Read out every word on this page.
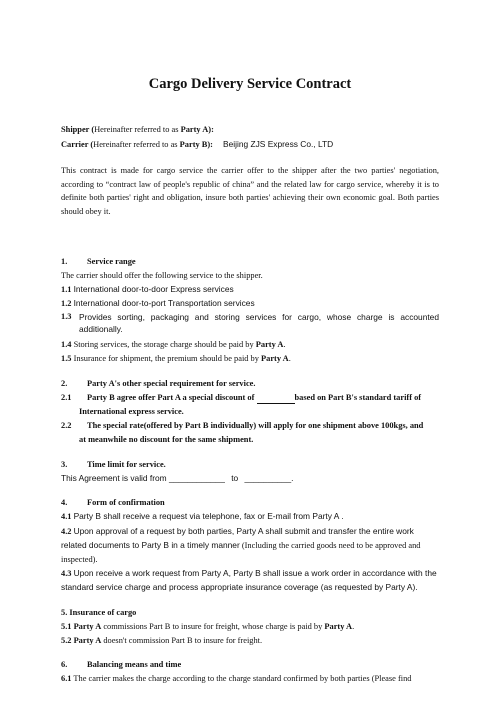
Cargo Delivery Service Contract
Shipper (Hereinafter referred to as Party A):
Carrier (Hereinafter referred to as Party B): Beijing ZJS Express Co., LTD
This contract is made for cargo service the carrier offer to the shipper after the two parties' negotiation, according to “contract law of people's republic of china” and the related law for cargo service, whereby it is to definite both parties' right and obligation, insure both parties' achieving their own economic goal. Both parties should obey it.
1. Service range
The carrier should offer the following service to the shipper.
1.1 International door-to-door Express services
1.2 International door-to-port Transportation services
1.3 Provides sorting, packaging and storing services for cargo, whose charge is accounted additionally.
1.4 Storing services, the storage charge should be paid by Party A.
1.5 Insurance for shipment, the premium should be paid by Party A.
2. Party A's other special requirement for service.
2.1 Party B agree offer Part A a special discount of	based on Part B's standard tariff of
International express service.
2.2 The special rate(offered by Part B individually) will apply for one shipment above 100kgs, and
at meanwhile no discount for the same shipment.
3. Time limit for service.
This Agreement is valid from ____________ to __________.
4. Form of confirmation
4.1 Party B shall receive a request via telephone, fax or E-mail from Party A .
4.2 Upon approval of a request by both parties, Party A shall submit and transfer the entire work
related documents to Party B in a timely manner (Including the carried goods need to be approved and
inspected).
4.3 Upon receive a work request from Party A, Party B shall issue a work order in accordance with the
standard service charge and process appropriate insurance coverage (as requested by Party A).
5. Insurance of cargo
5.1 Party A commissions Part B to insure for freight, whose charge is paid by Party A.
5.2 Party A doesn't commission Part B to insure for freight.
6. Balancing means and time
6.1 The carrier makes the charge according to the charge standard confirmed by both parties (Please find
